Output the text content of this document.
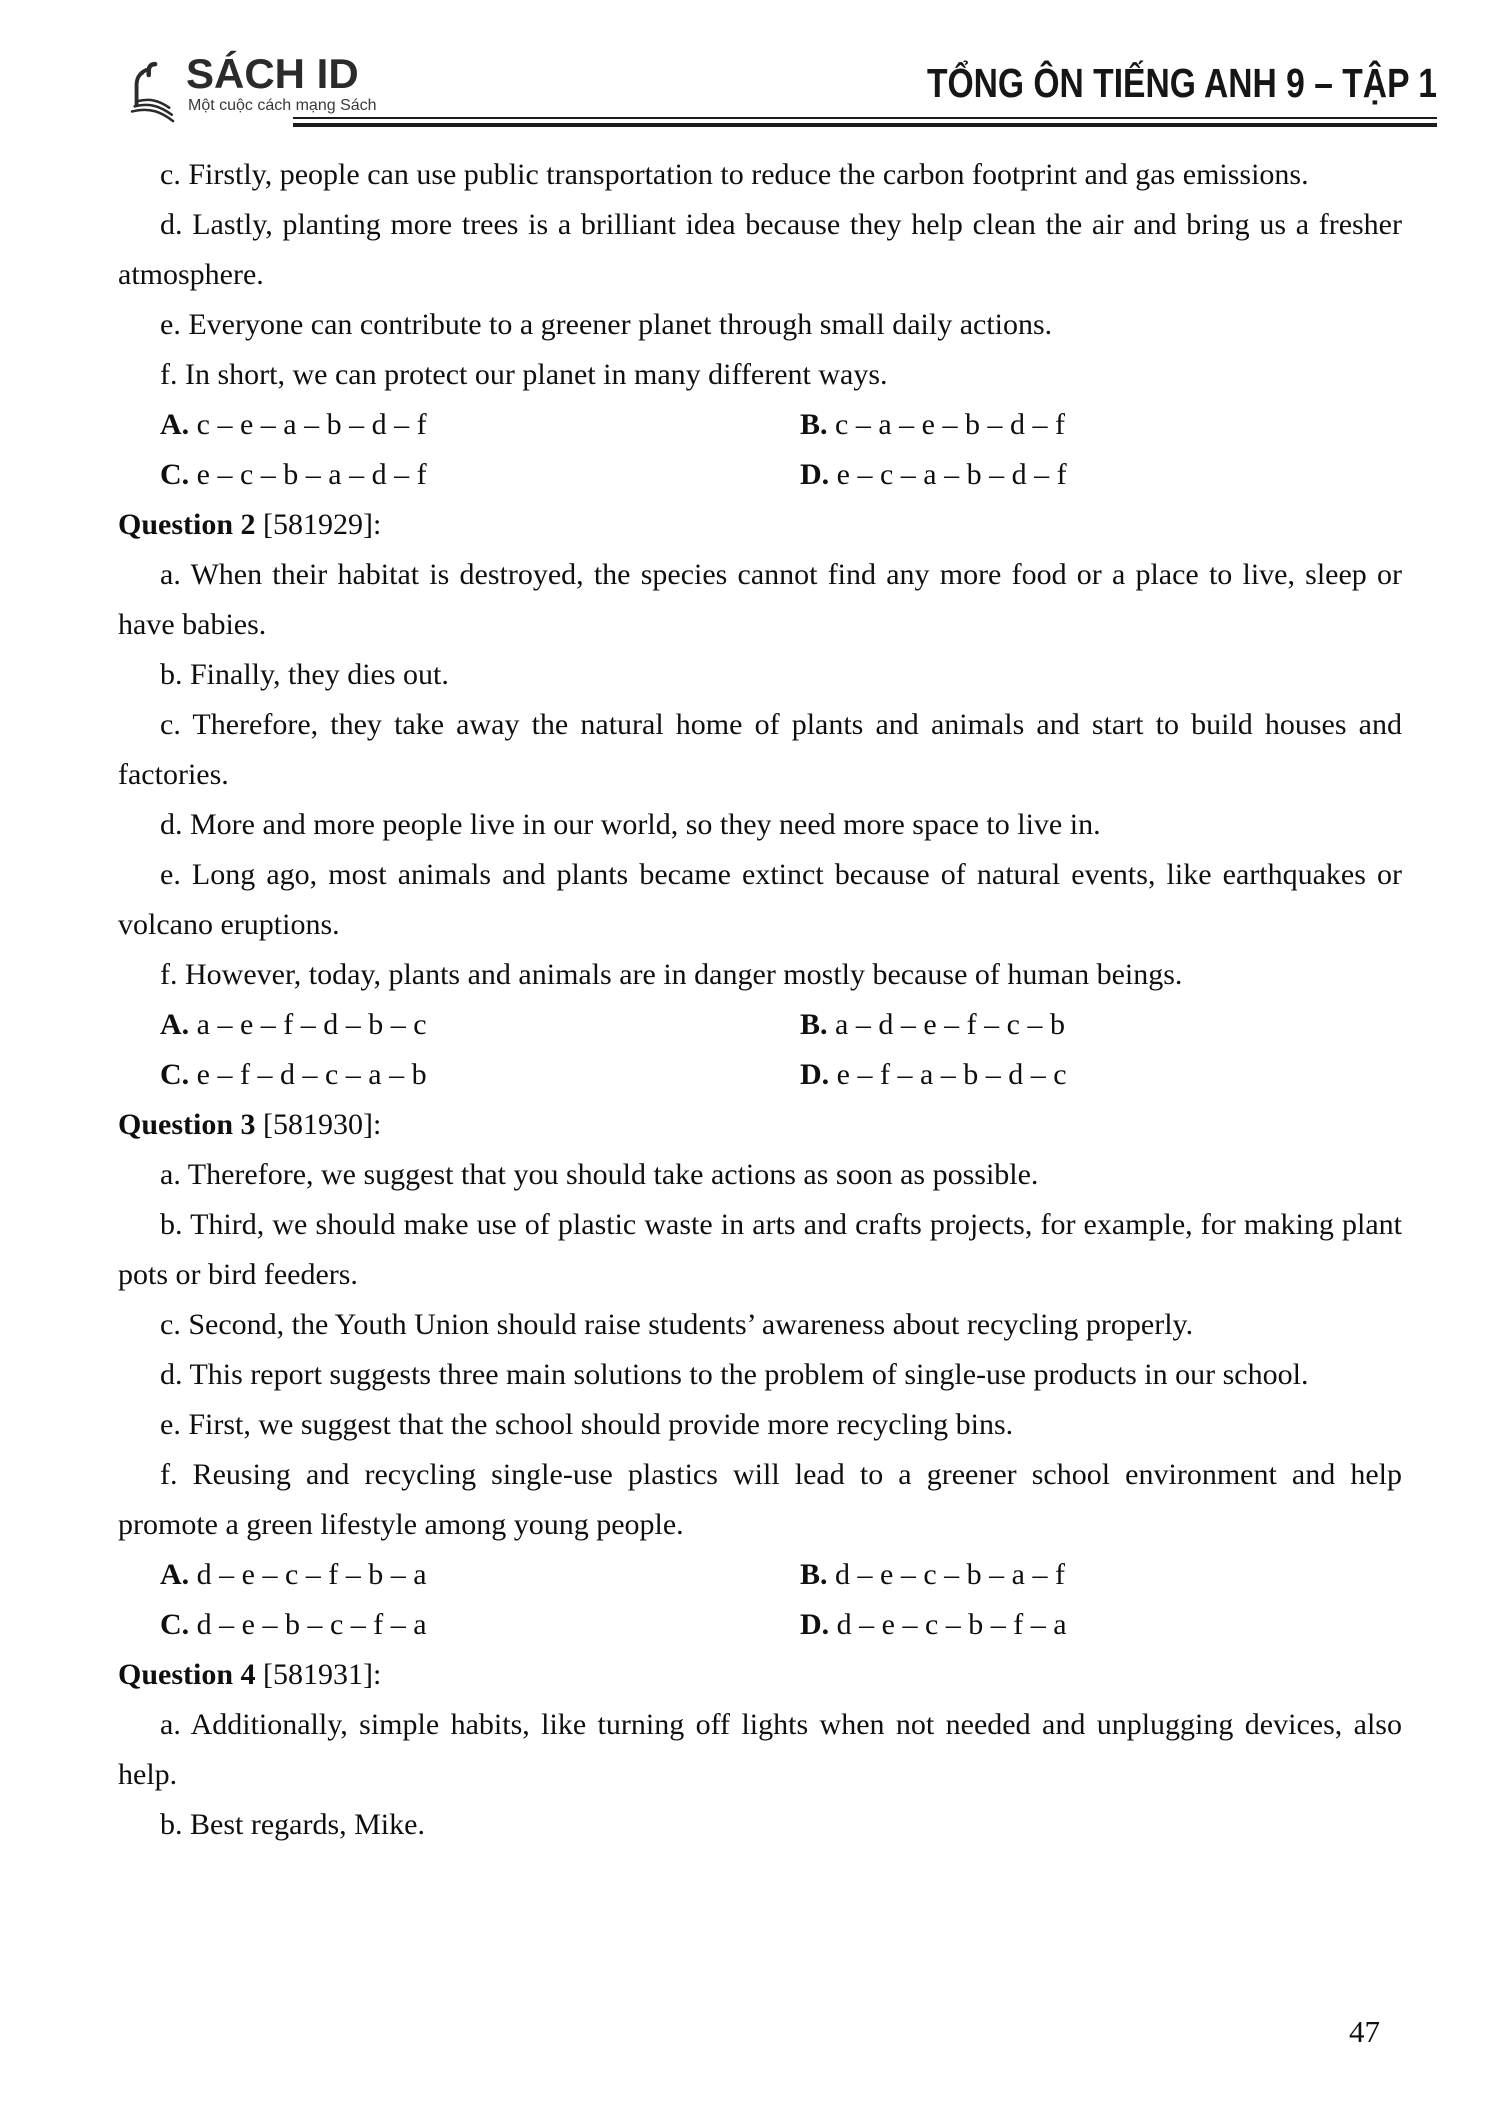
SÁCH ID
Một cuộc cách mạng Sách	TỔNG ÔN TIẾNG ANH 9 – TẬP 1

c. Firstly, people can use public transportation to reduce the carbon footprint and gas emissions.

d. Lastly, planting more trees is a brilliant idea because they help clean the air and bring us a fresher atmosphere.

e. Everyone can contribute to a greener planet through small daily actions.

f. In short, we can protect our planet in many different ways.

A. c – e – a – b – d – f	B. c – a – e – b – d – f
C. e – c – b – a – d – f	D. e – c – a – b – d – f

Question 2 [581929]:

a. When their habitat is destroyed, the species cannot find any more food or a place to live, sleep or have babies.

b. Finally, they dies out.

c. Therefore, they take away the natural home of plants and animals and start to build houses and factories.

d. More and more people live in our world, so they need more space to live in.

e. Long ago, most animals and plants became extinct because of natural events, like earthquakes or volcano eruptions.

f. However, today, plants and animals are in danger mostly because of human beings.

A. a – e – f – d – b – c	B. a – d – e – f – c – b
C. e – f – d – c – a – b	D. e – f – a – b – d – c

Question 3 [581930]:

a. Therefore, we suggest that you should take actions as soon as possible.

b. Third, we should make use of plastic waste in arts and crafts projects, for example, for making plant pots or bird feeders.

c. Second, the Youth Union should raise students’ awareness about recycling properly.

d. This report suggests three main solutions to the problem of single-use products in our school.

e. First, we suggest that the school should provide more recycling bins.

f. Reusing and recycling single-use plastics will lead to a greener school environment and help promote a green lifestyle among young people.

A. d – e – c – f – b – a	B. d – e – c – b – a – f
C. d – e – b – c – f – a	D. d – e – c – b – f – a

Question 4 [581931]:

a. Additionally, simple habits, like turning off lights when not needed and unplugging devices, also help.

b. Best regards, Mike.

47
